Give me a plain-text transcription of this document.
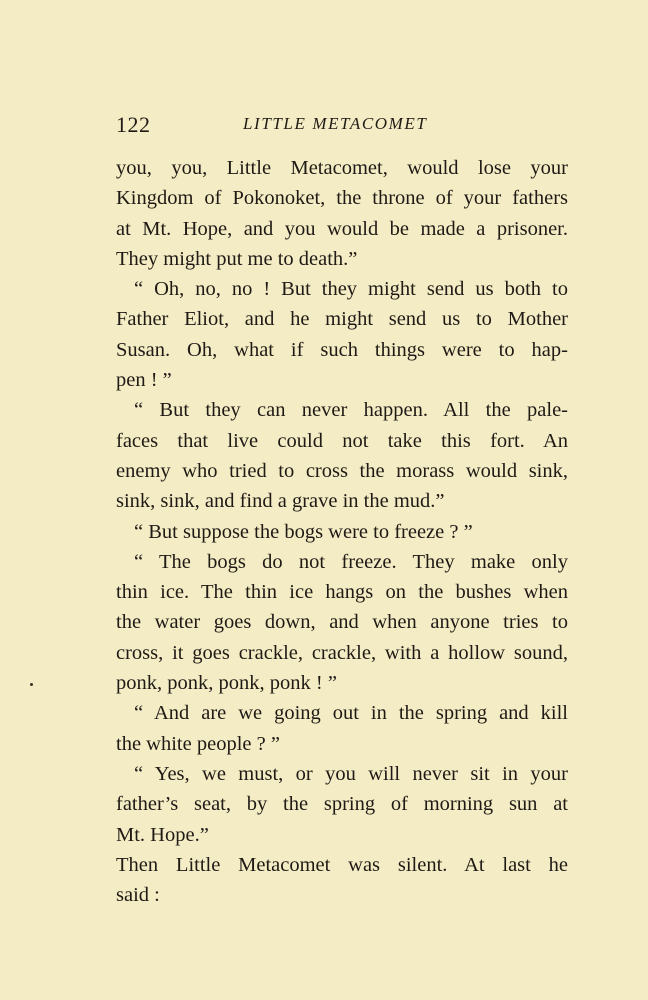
122	LITTLE METACOMET
you, you, Little Metacomet, would lose your
Kingdom of Pokonoket, the throne of your fathers
at Mt. Hope, and you would be made a prisoner.
They might put me to death.”
“ Oh, no, no ! But they might send us both to
Father Eliot, and he might send us to Mother
Susan. Oh, what if such things were to hap-
pen ! ”
“ But they can never happen. All the pale-
faces that live could not take this fort. An
enemy who tried to cross the morass would sink,
sink, sink, and find a grave in the mud.”
“ But suppose the bogs were to freeze ? ”
“ The bogs do not freeze. They make only
thin ice. The thin ice hangs on the bushes when
the water goes down, and when anyone tries to
cross, it goes crackle, crackle, with a hollow sound,
ponk, ponk, ponk, ponk ! ”
“ And are we going out in the spring and kill
the white people ? ”
“ Yes, we must, or you will never sit in your
father’s seat, by the spring of morning sun at
Mt. Hope.”
Then Little Metacomet was silent. At last he
said :
